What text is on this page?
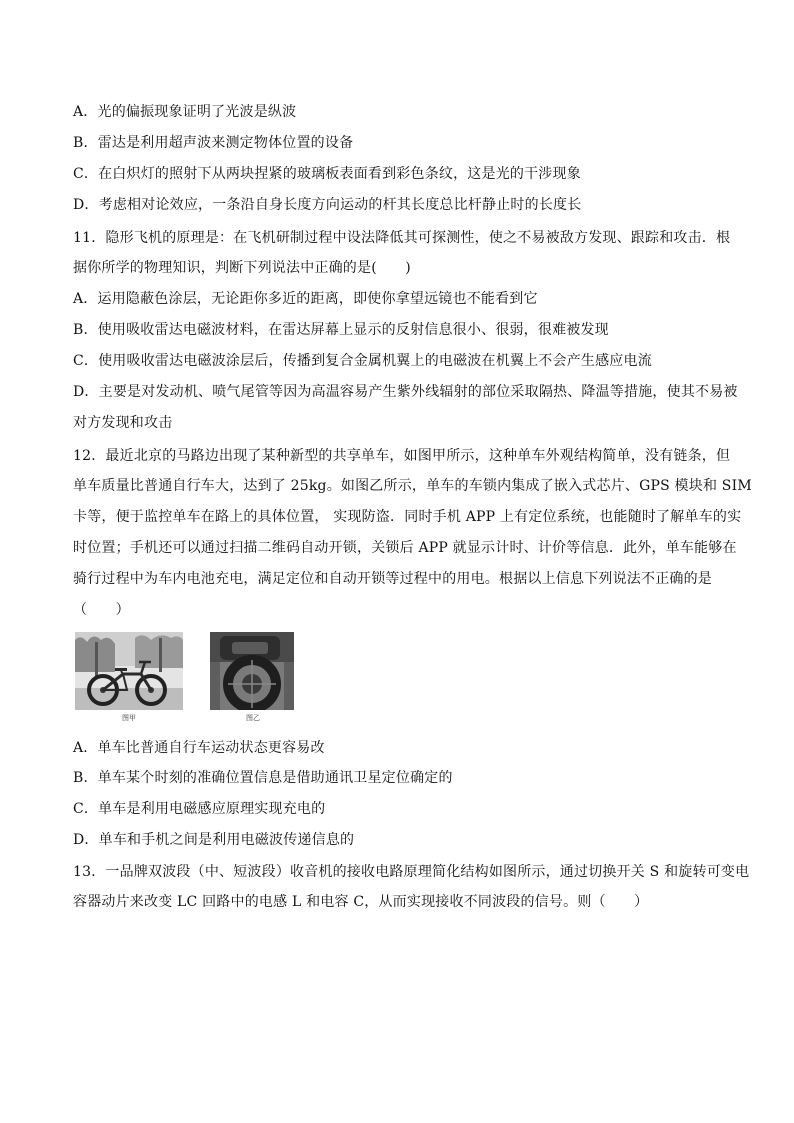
A．光的偏振现象证明了光波是纵波
B．雷达是利用超声波来测定物体位置的设备
C．在白炽灯的照射下从两块捏紧的玻璃板表面看到彩色条纹，这是光的干涉现象
D．考虑相对论效应，一条沿自身长度方向运动的杆其长度总比杆静止时的长度长
11．隐形飞机的原理是：在飞机研制过程中设法降低其可探测性，使之不易被敌方发现、跟踪和攻击．根
据你所学的物理知识，判断下列说法中正确的是(　　)
A．运用隐蔽色涂层，无论距你多近的距离，即使你拿望远镜也不能看到它
B．使用吸收雷达电磁波材料，在雷达屏幕上显示的反射信息很小、很弱，很难被发现
C．使用吸收雷达电磁波涂层后，传播到复合金属机翼上的电磁波在机翼上不会产生感应电流
D．主要是对发动机、喷气尾管等因为高温容易产生紫外线辐射的部位采取隔热、降温等措施，使其不易被
对方发现和攻击
12．最近北京的马路边出现了某种新型的共享单车，如图甲所示，这种单车外观结构简单，没有链条，但
单车质量比普通自行车大，达到了 25kg。如图乙所示，单车的车锁内集成了嵌入式芯片、GPS 模块和 SIM
卡等，便于监控单车在路上的具体位置， 实现防盗．同时手机 APP 上有定位系统，也能随时了解单车的实
时位置；手机还可以通过扫描二维码自动开锁，关锁后 APP 就显示计时、计价等信息．此外，单车能够在
骑行过程中为车内电池充电，满足定位和自动开锁等过程中的用电。根据以上信息下列说法不正确的是
（　　）
图甲	图乙
A．单车比普通自行车运动状态更容易改
B．单车某个时刻的准确位置信息是借助通讯卫星定位确定的
C．单车是利用电磁感应原理实现充电的
D．单车和手机之间是利用电磁波传递信息的
13．一品牌双波段（中、短波段）收音机的接收电路原理简化结构如图所示，通过切换开关 S 和旋转可变电
容器动片来改变 LC 回路中的电感 L 和电容 C，从而实现接收不同波段的信号。则（　　）
